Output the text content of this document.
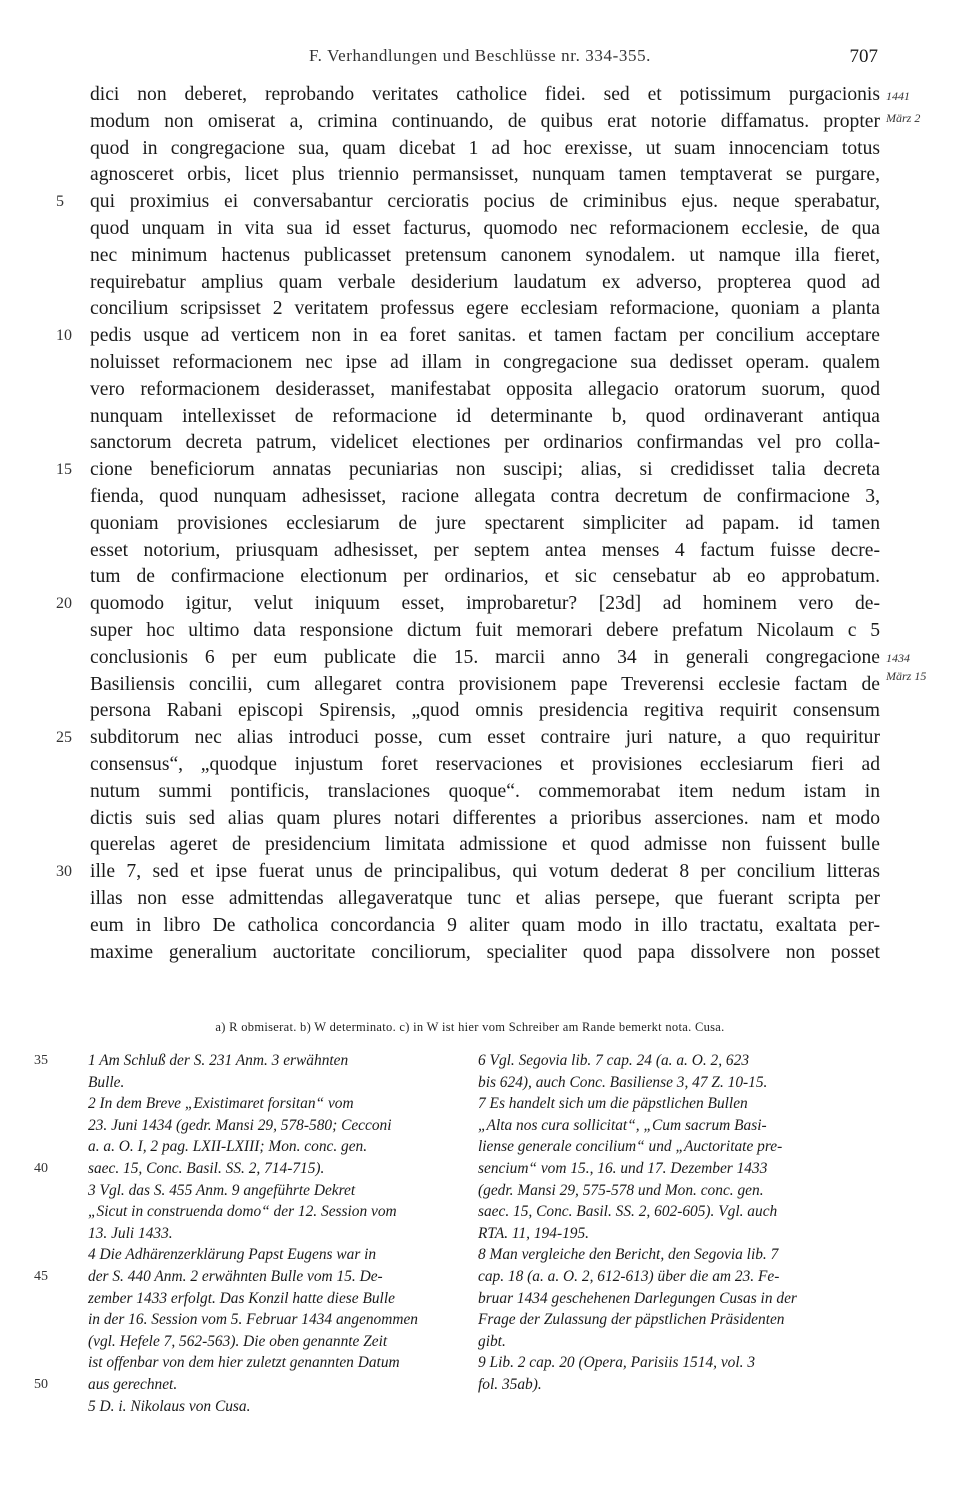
F. Verhandlungen und Beschlüsse nr. 334-355.	707
dici non deberet, reprobando veritates catholice fidei. sed et potissimum purgacionis
modum non omiserat a, crimina continuando, de quibus erat notorie diffamatus. propter
quod in congregacione sua, quam dicebat 1 ad hoc erexisse, ut suam innocenciam totus
agnosceret orbis, licet plus triennio permansisset, nunquam tamen temptaverat se purgare,
5	qui proximius ei conversabantur cercioratis pocius de criminibus ejus. neque sperabatur,
quod unquam in vita sua id esset facturus, quomodo nec reformacionem ecclesie, de qua
nec minimum hactenus publicasset pretensum canonem synodalem. ut namque illa fieret,
requirebatur amplius quam verbale desiderium laudatum ex adverso, propterea quod ad
concilium scripsisset 2 veritatem professus egere ecclesiam reformacione, quoniam a planta
10 pedis usque ad verticem non in ea foret sanitas. et tamen factam per concilium acceptare
noluisset reformacionem nec ipse ad illam in congregacione sua dedisset operam. qualem
vero reformacionem desiderasset, manifestabat opposita allegacio oratorum suorum, quod
nunquam intellexisset de reformacione id determinante b, quod ordinaverant antiqua
sanctorum decreta patrum, videlicet electiones per ordinarios confirmandas vel pro colla-
15 cione beneficiorum annatas pecuniarias non suscipi; alias, si credidisset talia decreta
fienda, quod nunquam adhesisset, racione allegata contra decretum de confirmacione 3,
quoniam provisiones ecclesiarum de jure spectarent simpliciter ad papam. id tamen
esset notorium, priusquam adhesisset, per septem antea menses 4 factum fuisse decre-
tum de confirmacione electionum per ordinarios, et sic censebatur ab eo approbatum.
20 quomodo igitur, velut iniquum esset, improbaretur? [23d] ad hominem vero de-
super hoc ultimo data responsione dictum fuit memorari debere prefatum Nicolaum c 5
conclusionis 6 per eum publicate die 15. marcii anno 34 in generali congregacione
Basiliensis concilii, cum allegaret contra provisionem pape Treverensi ecclesie factam de
persona Rabani episcopi Spirensis, „quod omnis presidencia regitiva requirit consensum
25 subditorum nec alias introduci posse, cum esset contraire juri nature, a quo requiritur
consensus“, „quodque injustum foret reservaciones et provisiones ecclesiarum fieri ad
nutum summi pontificis, translaciones quoque“. commemorabat item nedum istam in
dictis suis sed alias quam plures notari differentes a prioribus asserciones. nam et modo
querelas ageret de presidencium limitata admissione et quod admisse non fuissent bulle
30 ille 7, sed et ipse fuerat unus de principalibus, qui votum dederat 8 per concilium litteras
illas non esse admittendas allegaveratque tunc et alias persepe, que fuerant scripta per
eum in libro De catholica concordancia 9 aliter quam modo in illo tractatu, exaltata per-
maxime generalium auctoritate conciliorum, specialiter quod papa dissolvere non posset
1441
März 2
1434
März 15
a) R obmiserat. b) W determinato. c) in W ist hier vom Schreiber am Rande bemerkt nota. Cusa.
35	1 Am Schluß der S. 231 Anm. 3 erwähnten
Bulle.
2 In dem Breve „Existimaret forsitan“ vom
23. Juni 1434 (gedr. Mansi 29, 578-580; Cecconi
a. a. O. I, 2 pag. LXII-LXIII; Mon. conc. gen.
40	saec. 15, Conc. Basil. SS. 2, 714-715).
3 Vgl. das S. 455 Anm. 9 angeführte Dekret
„Sicut in construenda domo“ der 12. Session vom
13. Juli 1433.
4 Die Adhärenzerklärung Papst Eugens war in
45	der S. 440 Anm. 2 erwähnten Bulle vom 15. De-
zember 1433 erfolgt. Das Konzil hatte diese Bulle
in der 16. Session vom 5. Februar 1434 angenommen
(vgl. Hefele 7, 562-563). Die oben genannte Zeit
ist offenbar von dem hier zuletzt genannten Datum
50	aus gerechnet.
5 D. i. Nikolaus von Cusa.
6 Vgl. Segovia lib. 7 cap. 24 (a. a. O. 2, 623
bis 624), auch Conc. Basiliense 3, 47 Z. 10-15.
7 Es handelt sich um die päpstlichen Bullen
„Alta nos cura sollicitat“, „Cum sacrum Basi-
liense generale concilium“ und „Auctoritate pre-
sencium“ vom 15., 16. und 17. Dezember 1433
(gedr. Mansi 29, 575-578 und Mon. conc. gen.
saec. 15, Conc. Basil. SS. 2, 602-605). Vgl. auch
RTA. 11, 194-195.
8 Man vergleiche den Bericht, den Segovia lib. 7
cap. 18 (a. a. O. 2, 612-613) über die am 23. Fe-
bruar 1434 geschehenen Darlegungen Cusas in der
Frage der Zulassung der päpstlichen Präsidenten
gibt.
9 Lib. 2 cap. 20 (Opera, Parisiis 1514, vol. 3
fol. 35ab).
